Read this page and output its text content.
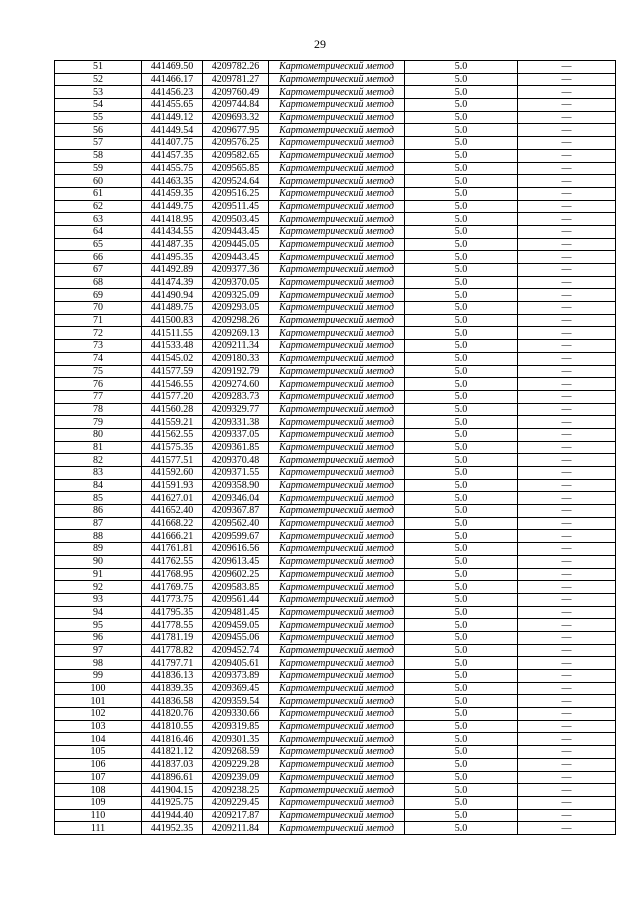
29
51	441469.50	4209782.26	Картометрический метод	5.0	—
52	441466.17	4209781.27	Картометрический метод	5.0	—
53	441456.23	4209760.49	Картометрический метод	5.0	—
54	441455.65	4209744.84	Картометрический метод	5.0	—
55	441449.12	4209693.32	Картометрический метод	5.0	—
56	441449.54	4209677.95	Картометрический метод	5.0	—
57	441407.75	4209576.25	Картометрический метод	5.0	—
58	441457.35	4209582.65	Картометрический метод	5.0	—
59	441455.75	4209565.85	Картометрический метод	5.0	—
60	441463.35	4209524.64	Картометрический метод	5.0	—
61	441459.35	4209516.25	Картометрический метод	5.0	—
62	441449.75	4209511.45	Картометрический метод	5.0	—
63	441418.95	4209503.45	Картометрический метод	5.0	—
64	441434.55	4209443.45	Картометрический метод	5.0	—
65	441487.35	4209445.05	Картометрический метод	5.0	—
66	441495.35	4209443.45	Картометрический метод	5.0	—
67	441492.89	4209377.36	Картометрический метод	5.0	—
68	441474.39	4209370.05	Картометрический метод	5.0	—
69	441490.94	4209325.09	Картометрический метод	5.0	—
70	441489.75	4209293.05	Картометрический метод	5.0	—
71	441500.83	4209298.26	Картометрический метод	5.0	—
72	441511.55	4209269.13	Картометрический метод	5.0	—
73	441533.48	4209211.34	Картометрический метод	5.0	—
74	441545.02	4209180.33	Картометрический метод	5.0	—
75	441577.59	4209192.79	Картометрический метод	5.0	—
76	441546.55	4209274.60	Картометрический метод	5.0	—
77	441577.20	4209283.73	Картометрический метод	5.0	—
78	441560.28	4209329.77	Картометрический метод	5.0	—
79	441559.21	4209331.38	Картометрический метод	5.0	—
80	441562.55	4209337.05	Картометрический метод	5.0	—
81	441575.35	4209361.85	Картометрический метод	5.0	—
82	441577.51	4209370.48	Картометрический метод	5.0	—
83	441592.60	4209371.55	Картометрический метод	5.0	—
84	441591.93	4209358.90	Картометрический метод	5.0	—
85	441627.01	4209346.04	Картометрический метод	5.0	—
86	441652.40	4209367.87	Картометрический метод	5.0	—
87	441668.22	4209562.40	Картометрический метод	5.0	—
88	441666.21	4209599.67	Картометрический метод	5.0	—
89	441761.81	4209616.56	Картометрический метод	5.0	—
90	441762.55	4209613.45	Картометрический метод	5.0	—
91	441768.95	4209602.25	Картометрический метод	5.0	—
92	441769.75	4209583.85	Картометрический метод	5.0	—
93	441773.75	4209561.44	Картометрический метод	5.0	—
94	441795.35	4209481.45	Картометрический метод	5.0	—
95	441778.55	4209459.05	Картометрический метод	5.0	—
96	441781.19	4209455.06	Картометрический метод	5.0	—
97	441778.82	4209452.74	Картометрический метод	5.0	—
98	441797.71	4209405.61	Картометрический метод	5.0	—
99	441836.13	4209373.89	Картометрический метод	5.0	—
100	441839.35	4209369.45	Картометрический метод	5.0	—
101	441836.58	4209359.54	Картометрический метод	5.0	—
102	441820.76	4209330.66	Картометрический метод	5.0	—
103	441810.55	4209319.85	Картометрический метод	5.0	—
104	441816.46	4209301.35	Картометрический метод	5.0	—
105	441821.12	4209268.59	Картометрический метод	5.0	—
106	441837.03	4209229.28	Картометрический метод	5.0	—
107	441896.61	4209239.09	Картометрический метод	5.0	—
108	441904.15	4209238.25	Картометрический метод	5.0	—
109	441925.75	4209229.45	Картометрический метод	5.0	—
110	441944.40	4209217.87	Картометрический метод	5.0	—
111	441952.35	4209211.84	Картометрический метод	5.0	—
